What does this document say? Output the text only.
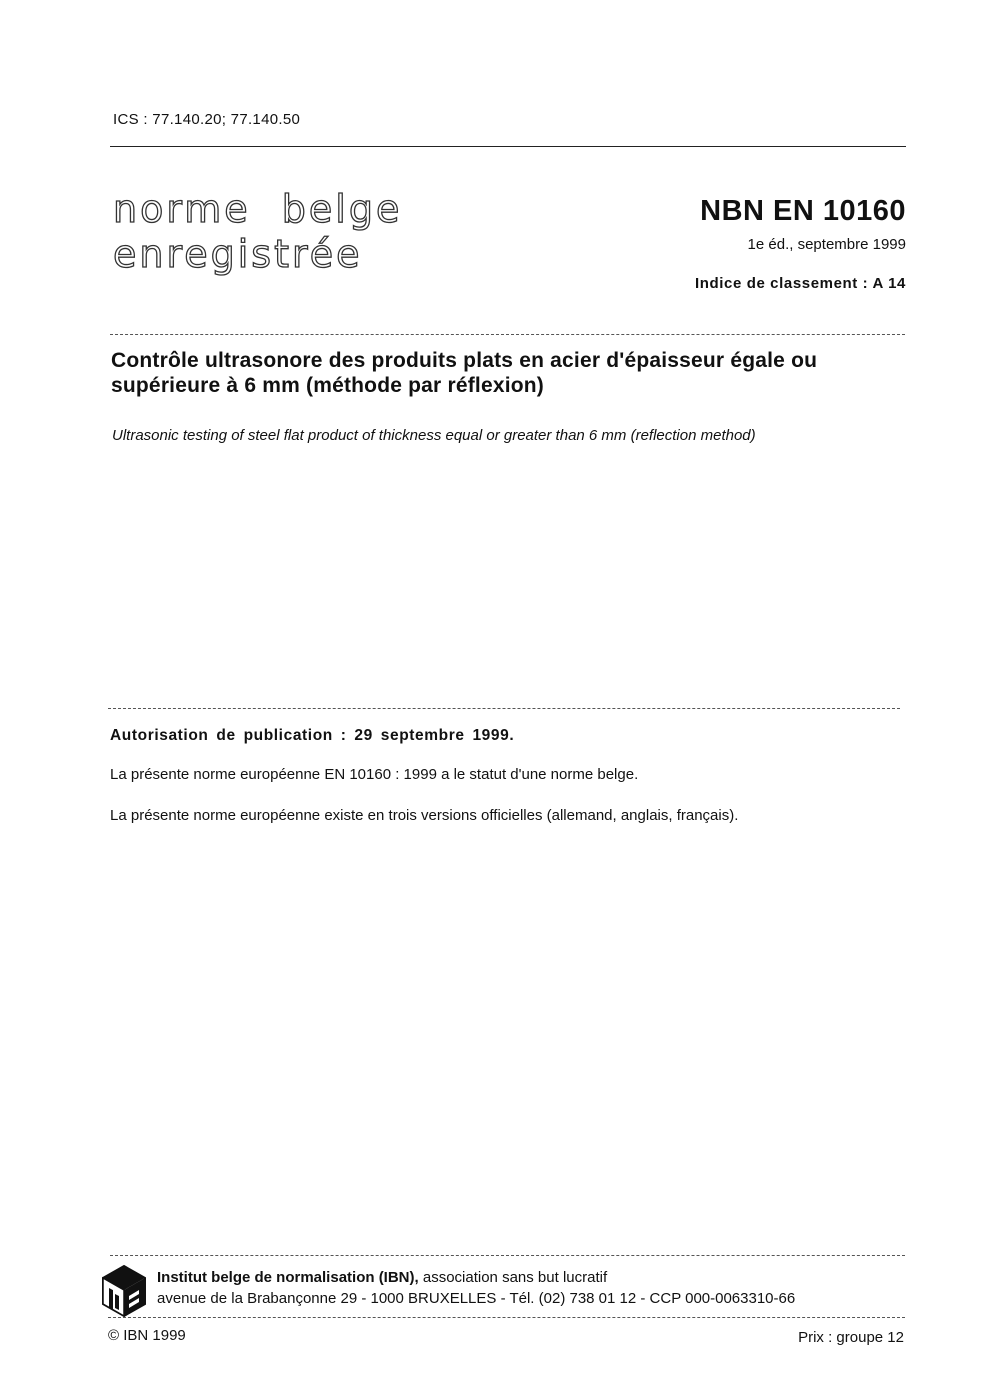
ICS : 77.140.20; 77.140.50
norme belge
enregistrée
NBN EN 10160
1e éd., septembre 1999
Indice de classement : A 14
Contrôle ultrasonore des produits plats en acier d'épaisseur égale ou supérieure à 6 mm (méthode par réflexion)
Ultrasonic testing of steel flat product of thickness equal or greater than 6 mm (reflection method)
Autorisation de publication : 29 septembre 1999.
La présente norme européenne EN 10160 : 1999 a le statut d'une norme belge.
La présente norme européenne existe en trois versions officielles (allemand, anglais, français).
Institut belge de normalisation (IBN), association sans but lucratif
avenue de la Brabançonne 29 - 1000 BRUXELLES - Tél. (02) 738 01 12 - CCP 000-0063310-66
© IBN 1999	Prix : groupe 12
